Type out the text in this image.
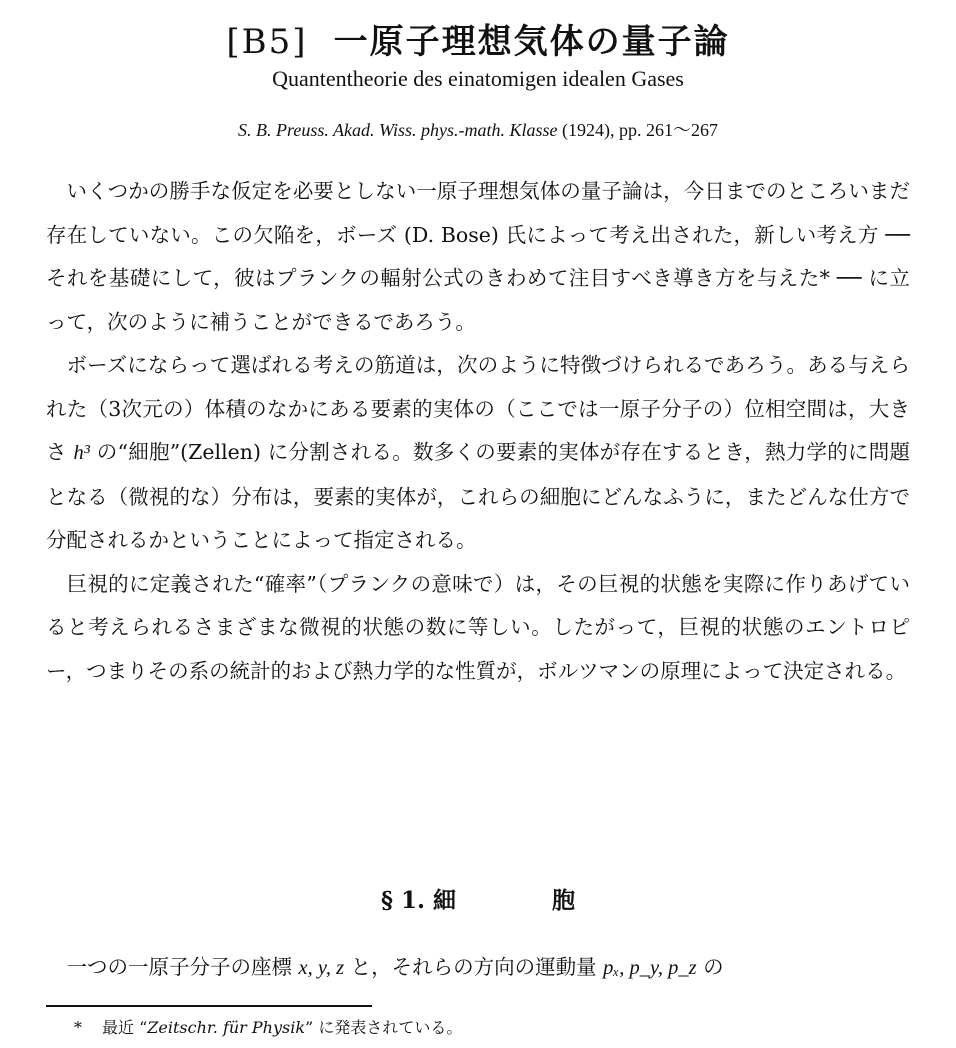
[B5] 一原子理想気体の量子論
Quantentheorie des einatomigen idealen Gases
S. B. Preuss. Akad. Wiss. phys.-math. Klasse (1924), pp. 261～267

いくつかの勝手な仮定を必要としない一原子理想気体の量子論は，今日までのところいまだ存在していない。この欠陥を，ボーズ (D. Bose) 氏によって考え出された，新しい考え方 ── それを基礎にして，彼はプランクの輻射公式のきわめて注目すべき導き方を与えた* ── に立って，次のように補うことができるであろう。

ボーズにならって選ばれる考えの筋道は，次のように特徴づけられるであろう。ある与えられた（3次元の）体積のなかにある要素的実体の（ここでは一原子分子の）位相空間は，大きさ h³ の“細胞”(Zellen) に分割される。数多くの要素的実体が存在するとき，熱力学的に問題となる（微視的な）分布は，要素的実体が，これらの細胞にどんなふうに，またどんな仕方で分配されるかということによって指定される。

巨視的に定義された“確率”（プランクの意味で）は，その巨視的状態を実際に作りあげていると考えられるさまざまな微視的状態の数に等しい。したがって，巨視的状態のエントロピー，つまりその系の統計的および熱力学的な性質が，ボルツマンの原理によって決定される。

§ 1. 細	胞

一つの一原子分子の座標 x, y, z と，それらの方向の運動量 pₓ, p_y, p_z の

* 最近 “Zeitschr. für Physik” に発表されている。
